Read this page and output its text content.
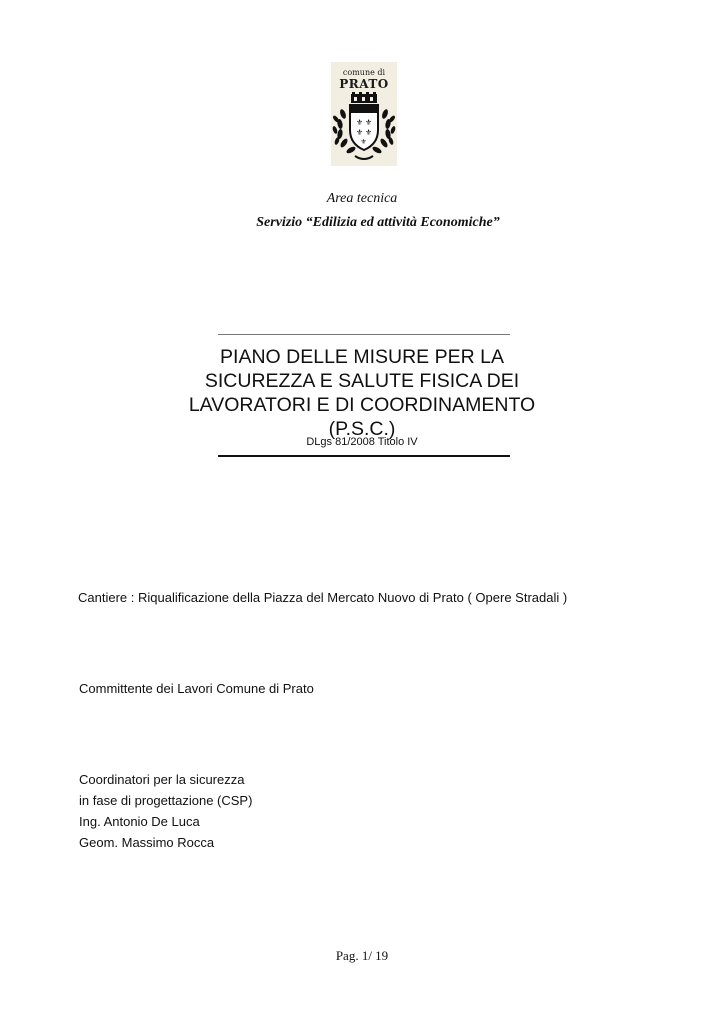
comune di
PRATO
⚜ ⚜
⚜ ⚜
⚜
Area tecnica
Servizio “Edilizia ed attività Economiche”
PIANO DELLE MISURE PER LA
SICUREZZA E SALUTE FISICA DEI
LAVORATORI E DI COORDINAMENTO
(P.S.C.)
DLgs 81/2008 Titolo IV
Cantiere : Riqualificazione della Piazza del Mercato Nuovo di Prato ( Opere Stradali )
Committente dei Lavori Comune di Prato
Coordinatori per la sicurezza
in fase di progettazione (CSP)
Ing. Antonio De Luca
Geom. Massimo Rocca
Pag. 1/ 19
